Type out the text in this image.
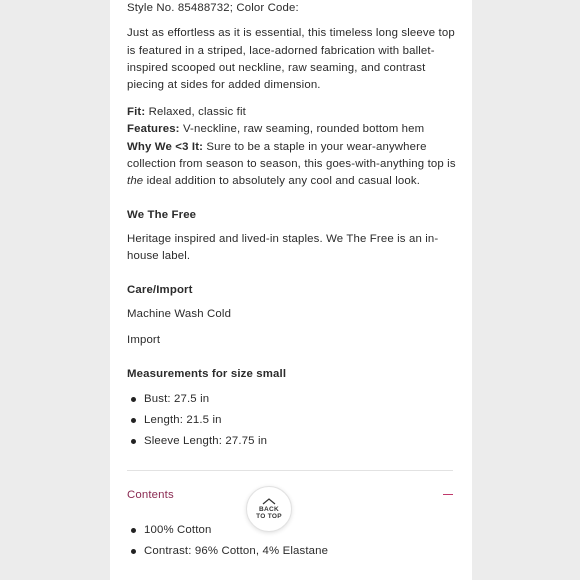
Style No. 85488732; Color Code:
Just as effortless as it is essential, this timeless long sleeve top
is featured in a striped, lace-adorned fabrication with ballet-
inspired scooped out neckline, raw seaming, and contrast
piecing at sides for added dimension.
Fit: Relaxed, classic fit
Features: V-neckline, raw seaming, rounded bottom hem
Why We <3 It: Sure to be a staple in your wear-anywhere
collection from season to season, this goes-with-anything top is
the ideal addition to absolutely any cool and casual look.
We The Free
Heritage inspired and lived-in staples. We The Free is an in-
house label.
Care/Import
Machine Wash Cold
Import
Measurements for size small
Bust: 27.5 in
Length: 21.5 in
Sleeve Length: 27.75 in
Contents
100% Cotton
Contrast: 96% Cotton, 4% Elastane
BACK
TO TOP
